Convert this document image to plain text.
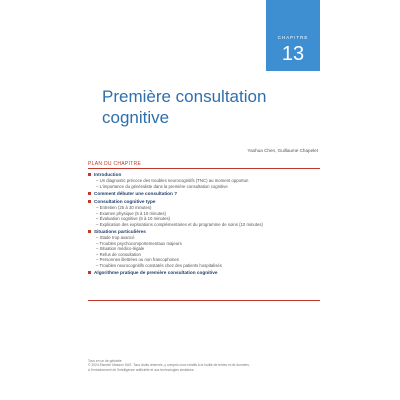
CHAPITRE
13
Première consultation
cognitive
Yaohua Chen, Guillaume Chapelet
PLAN DU CHAPITRE
Introduction
– Un diagnostic précoce des troubles neurocognitifs (TNC) au moment opportun
– L'importance du généraliste dans la première consultation cognitive
Comment débuter une consultation ?
Consultation cognitive type
– Entretien (25 à 30 minutes)
– Examen physique (5 à 10 minutes)
– Évaluation cognitive (5 à 10 minutes)
– Explication des explorations complémentaires et du programme de soins (10 minutes)
Situations particulières
– Stade trop avancé
– Troubles psychocomportementaux majeurs
– Situation médico-légale
– Refus de consultation
– Personnes illettrées ou non francophones
– Troubles neurocognitifs constatés chez des patients hospitalisés
Algorithme pratique de première consultation cognitive
Tous en un de gériatrie
© 2024 Elsevier Masson SAS. Tous droits réservés, y compris ceux relatifs à la fouille de textes et de données,
à l'entraînement de l'intelligence artificielle et aux technologies similaires.
